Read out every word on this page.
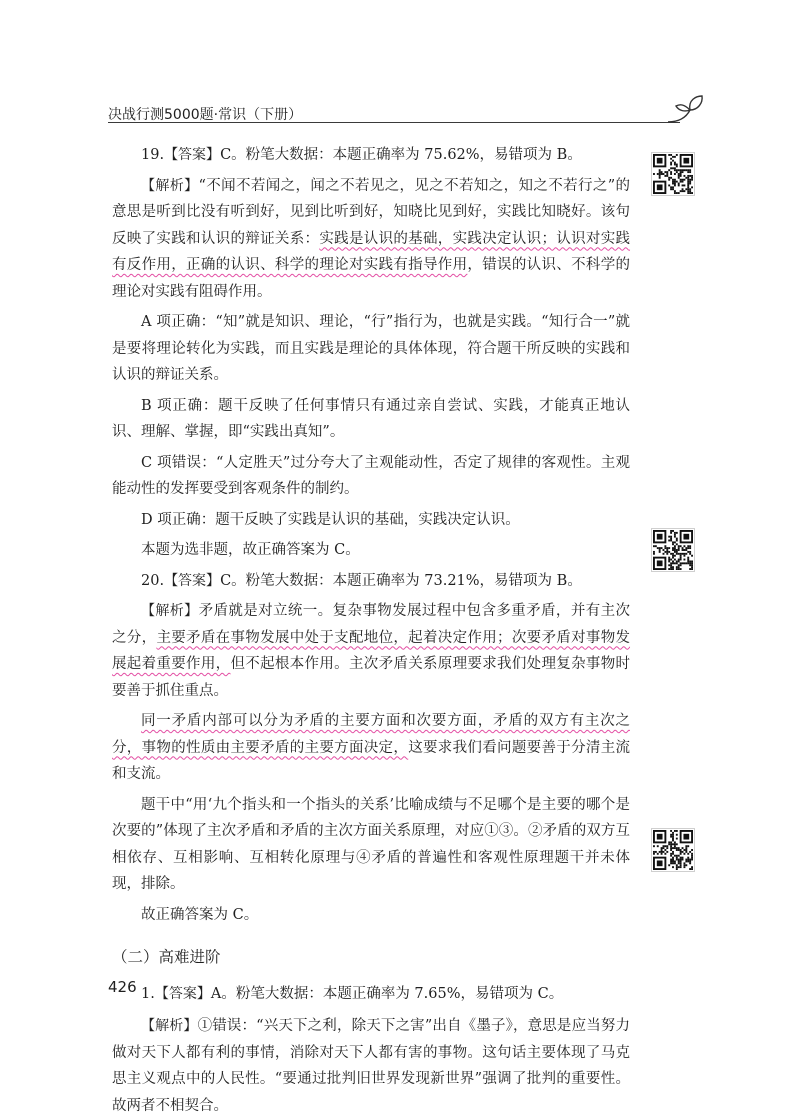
决战行测5000题·常识（下册）

19.【答案】C。粉笔大数据：本题正确率为 75.62%，易错项为 B。

【解析】“不闻不若闻之，闻之不若见之，见之不若知之，知之不若行之”的意思是听到比没有听到好，见到比听到好，知晓比见到好，实践比知晓好。该句反映了实践和认识的辩证关系：实践是认识的基础，实践决定认识；认识对实践有反作用，正确的认识、科学的理论对实践有指导作用，错误的认识、不科学的理论对实践有阻碍作用。

A 项正确：“知”就是知识、理论，“行”指行为，也就是实践。“知行合一”就是要将理论转化为实践，而且实践是理论的具体体现，符合题干所反映的实践和认识的辩证关系。

B 项正确：题干反映了任何事情只有通过亲自尝试、实践，才能真正地认识、理解、掌握，即“实践出真知”。

C 项错误：“人定胜天”过分夸大了主观能动性，否定了规律的客观性。主观能动性的发挥要受到客观条件的制约。

D 项正确：题干反映了实践是认识的基础，实践决定认识。

本题为选非题，故正确答案为 C。

20.【答案】C。粉笔大数据：本题正确率为 73.21%，易错项为 B。

【解析】矛盾就是对立统一。复杂事物发展过程中包含多重矛盾，并有主次之分，主要矛盾在事物发展中处于支配地位，起着决定作用；次要矛盾对事物发展起着重要作用，但不起根本作用。主次矛盾关系原理要求我们处理复杂事物时要善于抓住重点。

同一矛盾内部可以分为矛盾的主要方面和次要方面，矛盾的双方有主次之分，事物的性质由主要矛盾的主要方面决定，这要求我们看问题要善于分清主流和支流。

题干中“用‘九个指头和一个指头的关系’比喻成绩与不足哪个是主要的哪个是次要的”体现了主次矛盾和矛盾的主次方面关系原理，对应①③。②矛盾的双方互相依存、互相影响、互相转化原理与④矛盾的普遍性和客观性原理题干并未体现，排除。

故正确答案为 C。

（二）高难进阶

1.【答案】A。粉笔大数据：本题正确率为 7.65%，易错项为 C。

【解析】①错误：“兴天下之利，除天下之害”出自《墨子》，意思是应当努力做对天下人都有利的事情，消除对天下人都有害的事物。这句话主要体现了马克思主义观点中的人民性。“要通过批判旧世界发现新世界”强调了批判的重要性。故两者不相契合。

426
